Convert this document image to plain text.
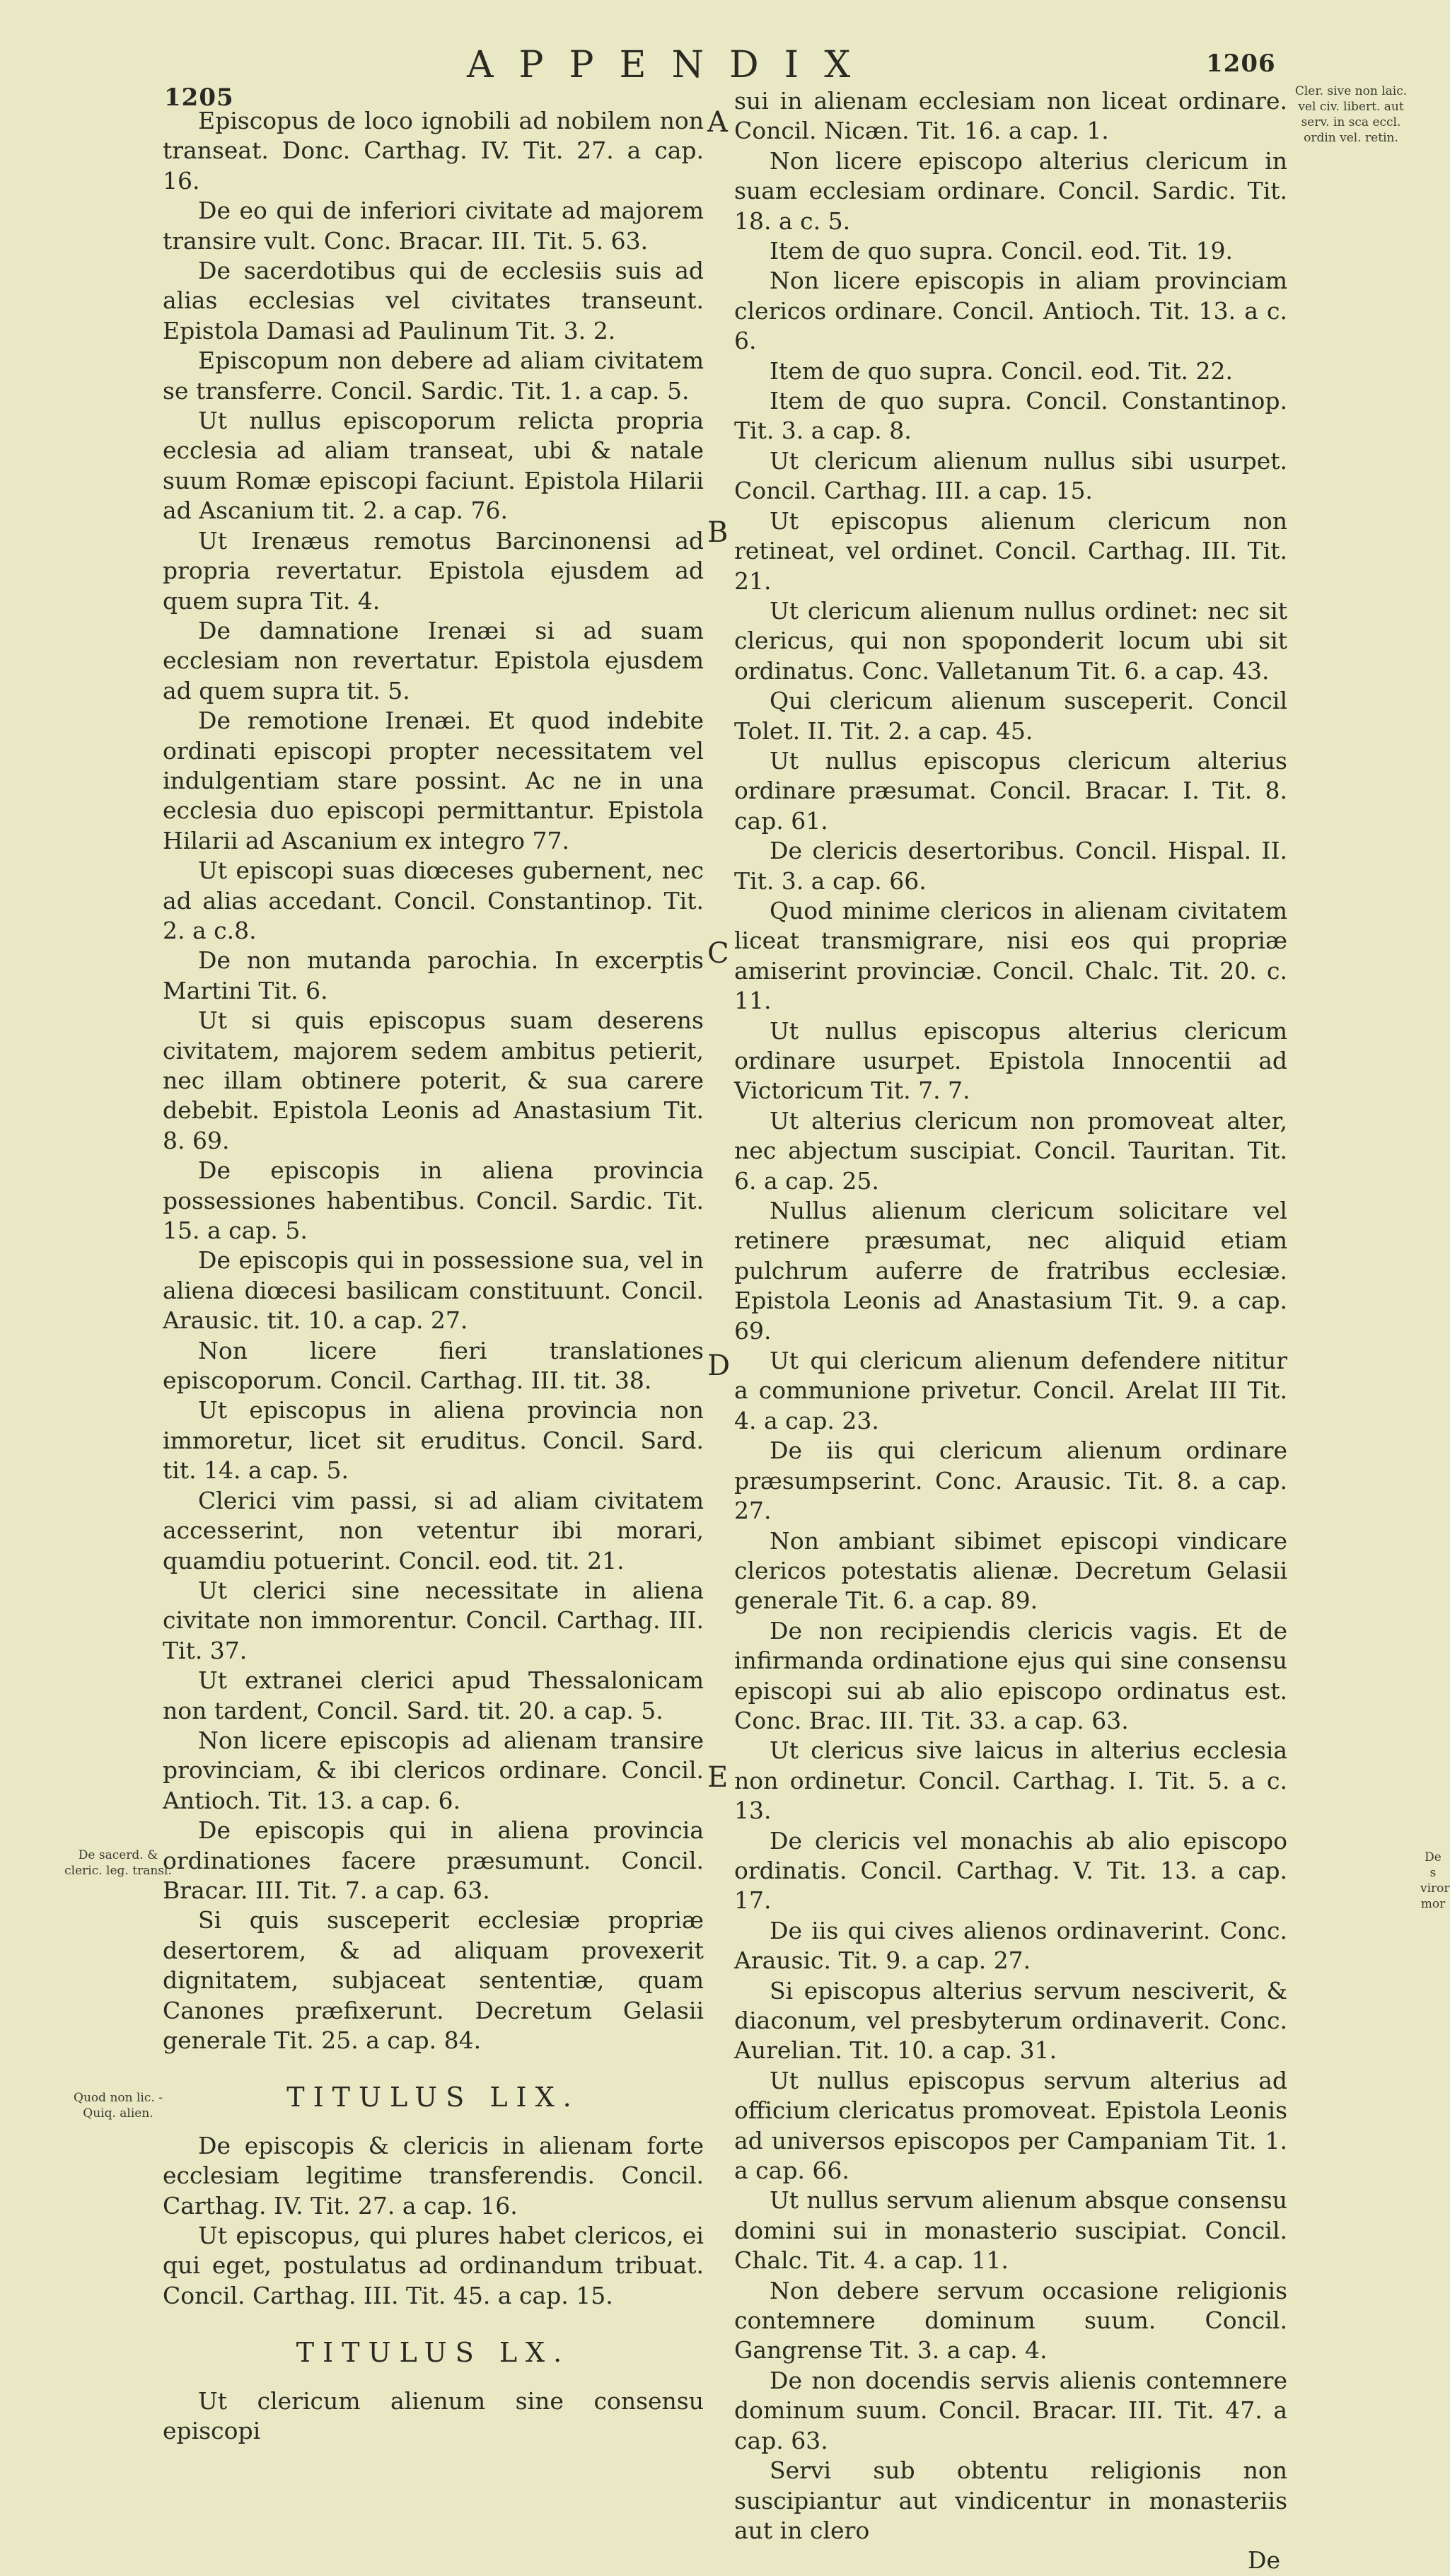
1205
APPENDIX	1206
Cler. sive non laic. vel civ. libert. aut serv. in sca eccl. ordin vel. retin.
De sacerd. & cleric. leg. transl.
Quod non lic. - Quiq. alien.
De s viror mor
A
B
C
D
E

Episcopus de loco ignobili ad nobilem non transeat. Donc. Carthag. IV. Tit. 27. a cap. 16.

De eo qui de inferiori civitate ad majorem transire vult. Conc. Bracar. III. Tit. 5. 63.

De sacerdotibus qui de ecclesiis suis ad alias ecclesias vel civitates transeunt. Epistola Damasi ad Paulinum Tit. 3. 2.

Episcopum non debere ad aliam civitatem se transferre. Concil. Sardic. Tit. 1. a cap. 5.

Ut nullus episcoporum relicta propria ecclesia ad aliam transeat, ubi & natale suum Romæ episcopi faciunt. Epistola Hilarii ad Ascanium tit. 2. a cap. 76.

Ut Irenæus remotus Barcinonensi ad propria revertatur. Epistola ejusdem ad quem supra Tit. 4.

De damnatione Irenæi si ad suam ecclesiam non revertatur. Epistola ejusdem ad quem supra tit. 5.

De remotione Irenæi. Et quod indebite ordinati episcopi propter necessitatem vel indulgentiam stare possint. Ac ne in una ecclesia duo episcopi permittantur. Epistola Hilarii ad Ascanium ex integro 77.

Ut episcopi suas diœceses gubernent, nec ad alias accedant. Concil. Constantinop. Tit. 2. a c.8.

De non mutanda parochia. In excerptis Martini Tit. 6.

Ut si quis episcopus suam deserens civitatem, majorem sedem ambitus petierit, nec illam obtinere poterit, & sua carere debebit. Epistola Leonis ad Anastasium Tit. 8. 69.

De episcopis in aliena provincia possessiones habentibus. Concil. Sardic. Tit. 15. a cap. 5.

De episcopis qui in possessione sua, vel in aliena diœcesi basilicam constituunt. Concil. Arausic. tit. 10. a cap. 27.

Non licere fieri translationes episcoporum. Concil. Carthag. III. tit. 38.

Ut episcopus in aliena provincia non immoretur, licet sit eruditus. Concil. Sard. tit. 14. a cap. 5.

Clerici vim passi, si ad aliam civitatem accesserint, non vetentur ibi morari, quamdiu potuerint. Concil. eod. tit. 21.

Ut clerici sine necessitate in aliena civitate non immorentur. Concil. Carthag. III. Tit. 37.

Ut extranei clerici apud Thessalonicam non tardent, Concil. Sard. tit. 20. a cap. 5.

Non licere episcopis ad alienam transire provinciam, & ibi clericos ordinare. Concil. Antioch. Tit. 13. a cap. 6.

De episcopis qui in aliena provincia ordinationes facere præsumunt. Concil. Bracar. III. Tit. 7. a cap. 63.

Si quis susceperit ecclesiæ propriæ desertorem, & ad aliquam provexerit dignitatem, subjaceat sententiæ, quam Canones præfixerunt. Decretum Gelasii generale Tit. 25. a cap. 84.

TITULUS LIX.

De episcopis & clericis in alienam forte ecclesiam legitime transferendis. Concil. Carthag. IV. Tit. 27. a cap. 16.

Ut episcopus, qui plures habet clericos, ei qui eget, postulatus ad ordinandum tribuat. Concil. Carthag. III. Tit. 45. a cap. 15.

TITULUS LX.

Ut clericum alienum sine consensu episcopi

sui in alienam ecclesiam non liceat ordinare. Concil. Nicæn. Tit. 16. a cap. 1.

Non licere episcopo alterius clericum in suam ecclesiam ordinare. Concil. Sardic. Tit. 18. a c. 5.

Item de quo supra. Concil. eod. Tit. 19.

Non licere episcopis in aliam provinciam clericos ordinare. Concil. Antioch. Tit. 13. a c. 6.

Item de quo supra. Concil. eod. Tit. 22.

Item de quo supra. Concil. Constantinop. Tit. 3. a cap. 8.

Ut clericum alienum nullus sibi usurpet. Concil. Carthag. III. a cap. 15.

Ut episcopus alienum clericum non retineat, vel ordinet. Concil. Carthag. III. Tit. 21.

Ut clericum alienum nullus ordinet: nec sit clericus, qui non spoponderit locum ubi sit ordinatus. Conc. Valletanum Tit. 6. a cap. 43.

Qui clericum alienum susceperit. Concil Tolet. II. Tit. 2. a cap. 45.

Ut nullus episcopus clericum alterius ordinare præsumat. Concil. Bracar. I. Tit. 8. cap. 61.

De clericis desertoribus. Concil. Hispal. II. Tit. 3. a cap. 66.

Quod minime clericos in alienam civitatem liceat transmigrare, nisi eos qui propriæ amiserint provinciæ. Concil. Chalc. Tit. 20. c. 11.

Ut nullus episcopus alterius clericum ordinare usurpet. Epistola Innocentii ad Victoricum Tit. 7. 7.

Ut alterius clericum non promoveat alter, nec abjectum suscipiat. Concil. Tauritan. Tit. 6. a cap. 25.

Nullus alienum clericum solicitare vel retinere præsumat, nec aliquid etiam pulchrum auferre de fratribus ecclesiæ. Epistola Leonis ad Anastasium Tit. 9. a cap. 69.

Ut qui clericum alienum defendere nititur a communione privetur. Concil. Arelat III Tit. 4. a cap. 23.

De iis qui clericum alienum ordinare præsumpserint. Conc. Arausic. Tit. 8. a cap. 27.

Non ambiant sibimet episcopi vindicare clericos potestatis alienæ. Decretum Gelasii generale Tit. 6. a cap. 89.

De non recipiendis clericis vagis. Et de infirmanda ordinatione ejus qui sine consensu episcopi sui ab alio episcopo ordinatus est. Conc. Brac. III. Tit. 33. a cap. 63.

Ut clericus sive laicus in alterius ecclesia non ordinetur. Concil. Carthag. I. Tit. 5. a c. 13.

De clericis vel monachis ab alio episcopo ordinatis. Concil. Carthag. V. Tit. 13. a cap. 17.

De iis qui cives alienos ordinaverint. Conc. Arausic. Tit. 9. a cap. 27.

Si episcopus alterius servum nesciverit, & diaconum, vel presbyterum ordinaverit. Conc. Aurelian. Tit. 10. a cap. 31.

Ut nullus episcopus servum alterius ad officium clericatus promoveat. Epistola Leonis ad universos episcopos per Campaniam Tit. 1. a cap. 66.

Ut nullus servum alienum absque consensu domini sui in monasterio suscipiat. Concil. Chalc. Tit. 4. a cap. 11.

Non debere servum occasione religionis contemnere dominum suum. Concil. Gangrense Tit. 3. a cap. 4.

De non docendis servis alienis contemnere dominum suum. Concil. Bracar. III. Tit. 47. a cap. 63.

Servi sub obtentu religionis non suscipiantur aut vindicentur in monasteriis aut in clero

De
